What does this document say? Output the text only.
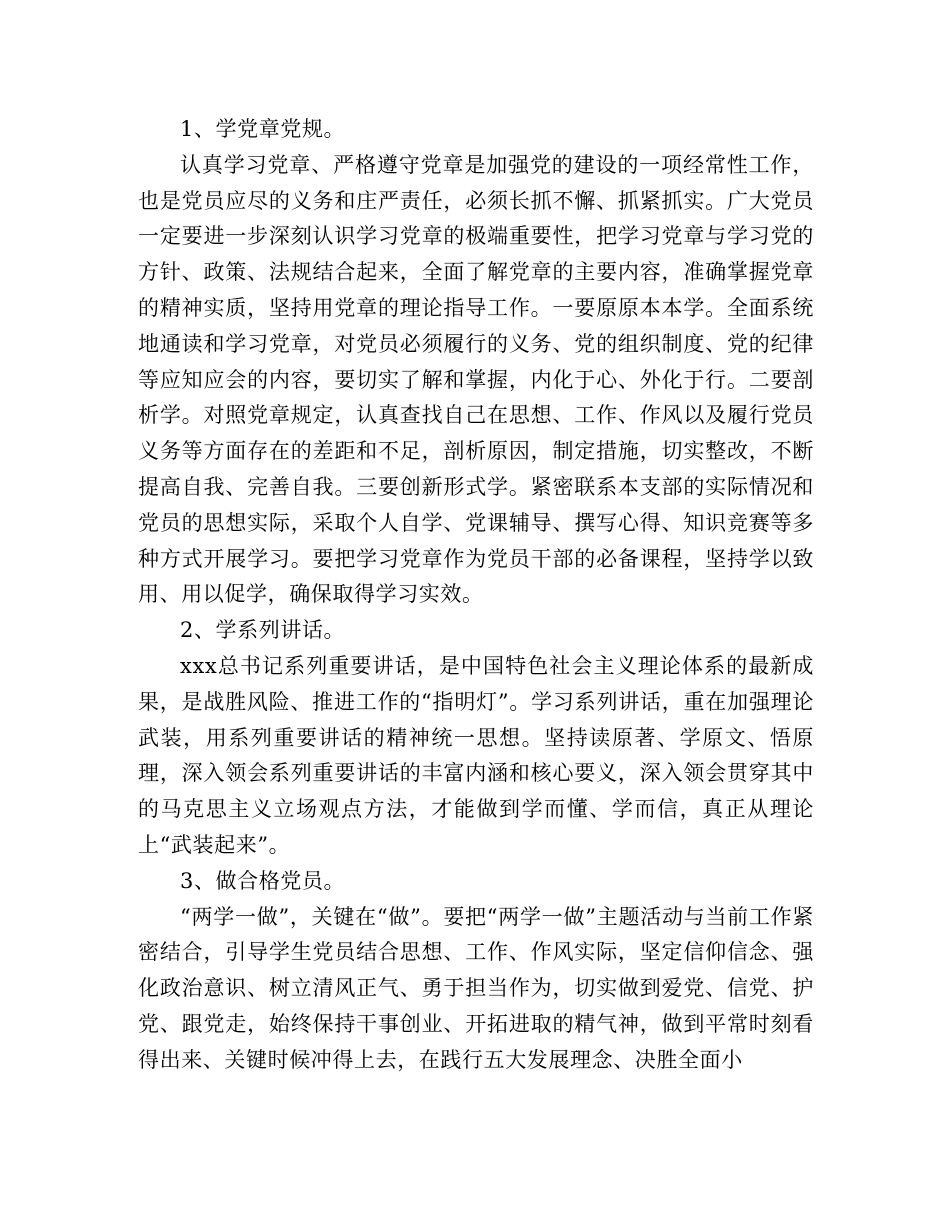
1、学党章党规。

认真学习党章、严格遵守党章是加强党的建设的一项经常性工作，也是党员应尽的义务和庄严责任，必须长抓不懈、抓紧抓实。广大党员一定要进一步深刻认识学习党章的极端重要性，把学习党章与学习党的方针、政策、法规结合起来，全面了解党章的主要内容，准确掌握党章的精神实质，坚持用党章的理论指导工作。一要原原本本学。全面系统地通读和学习党章，对党员必须履行的义务、党的组织制度、党的纪律等应知应会的内容，要切实了解和掌握，内化于心、外化于行。二要剖析学。对照党章规定，认真查找自己在思想、工作、作风以及履行党员义务等方面存在的差距和不足，剖析原因，制定措施，切实整改，不断提高自我、完善自我。三要创新形式学。紧密联系本支部的实际情况和党员的思想实际，采取个人自学、党课辅导、撰写心得、知识竞赛等多种方式开展学习。要把学习党章作为党员干部的必备课程，坚持学以致用、用以促学，确保取得学习实效。

2、学系列讲话。

xxx总书记系列重要讲话，是中国特色社会主义理论体系的最新成果，是战胜风险、推进工作的“指明灯”。学习系列讲话，重在加强理论武装，用系列重要讲话的精神统一思想。坚持读原著、学原文、悟原理，深入领会系列重要讲话的丰富内涵和核心要义，深入领会贯穿其中的马克思主义立场观点方法，才能做到学而懂、学而信，真正从理论上“武装起来”。

3、做合格党员。

“两学一做”，关键在“做”。要把“两学一做”主题活动与当前工作紧密结合，引导学生党员结合思想、工作、作风实际，坚定信仰信念、强化政治意识、树立清风正气、勇于担当作为，切实做到爱党、信党、护党、跟党走，始终保持干事创业、开拓进取的精气神，做到平常时刻看得出来、关键时候冲得上去，在践行五大发展理念、决胜全面小
